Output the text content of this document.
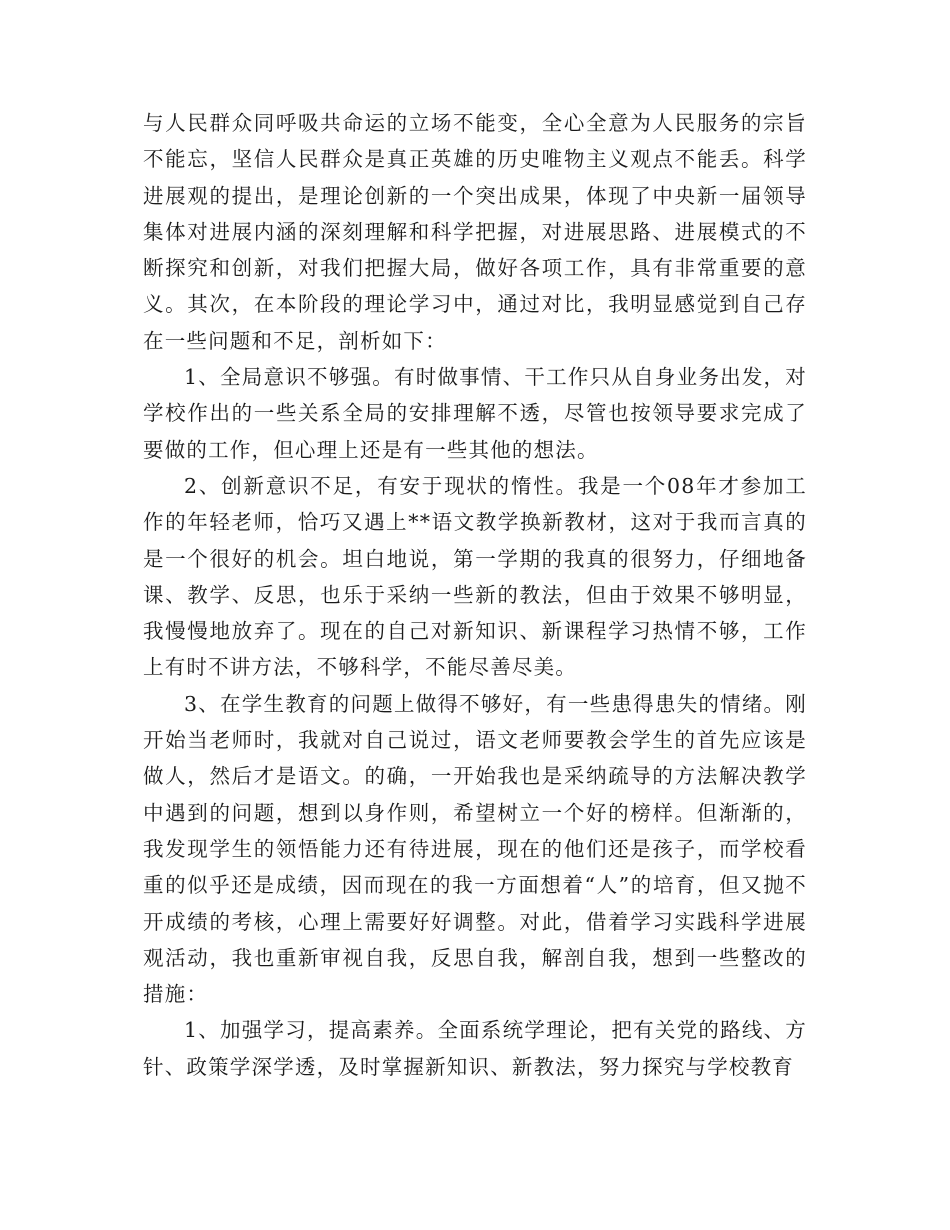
与人民群众同呼吸共命运的立场不能变，全心全意为人民服务的宗旨不能忘，坚信人民群众是真正英雄的历史唯物主义观点不能丢。科学进展观的提出，是理论创新的一个突出成果，体现了中央新一届领导集体对进展内涵的深刻理解和科学把握，对进展思路、进展模式的不断探究和创新，对我们把握大局，做好各项工作，具有非常重要的意义。其次，在本阶段的理论学习中，通过对比，我明显感觉到自己存在一些问题和不足，剖析如下：

1、全局意识不够强。有时做事情、干工作只从自身业务出发，对学校作出的一些关系全局的安排理解不透，尽管也按领导要求完成了要做的工作，但心理上还是有一些其他的想法。

2、创新意识不足，有安于现状的惰性。我是一个08年才参加工作的年轻老师，恰巧又遇上**语文教学换新教材，这对于我而言真的是一个很好的机会。坦白地说，第一学期的我真的很努力，仔细地备课、教学、反思，也乐于采纳一些新的教法，但由于效果不够明显，我慢慢地放弃了。现在的自己对新知识、新课程学习热情不够，工作上有时不讲方法，不够科学，不能尽善尽美。

3、在学生教育的问题上做得不够好，有一些患得患失的情绪。刚开始当老师时，我就对自己说过，语文老师要教会学生的首先应该是做人，然后才是语文。的确，一开始我也是采纳疏导的方法解决教学中遇到的问题，想到以身作则，希望树立一个好的榜样。但渐渐的，我发现学生的领悟能力还有待进展，现在的他们还是孩子，而学校看重的似乎还是成绩，因而现在的我一方面想着“人”的培育，但又抛不开成绩的考核，心理上需要好好调整。对此，借着学习实践科学进展观活动，我也重新审视自我，反思自我，解剖自我，想到一些整改的措施：

1、加强学习，提高素养。全面系统学理论，把有关党的路线、方针、政策学深学透，及时掌握新知识、新教法，努力探究与学校教育
